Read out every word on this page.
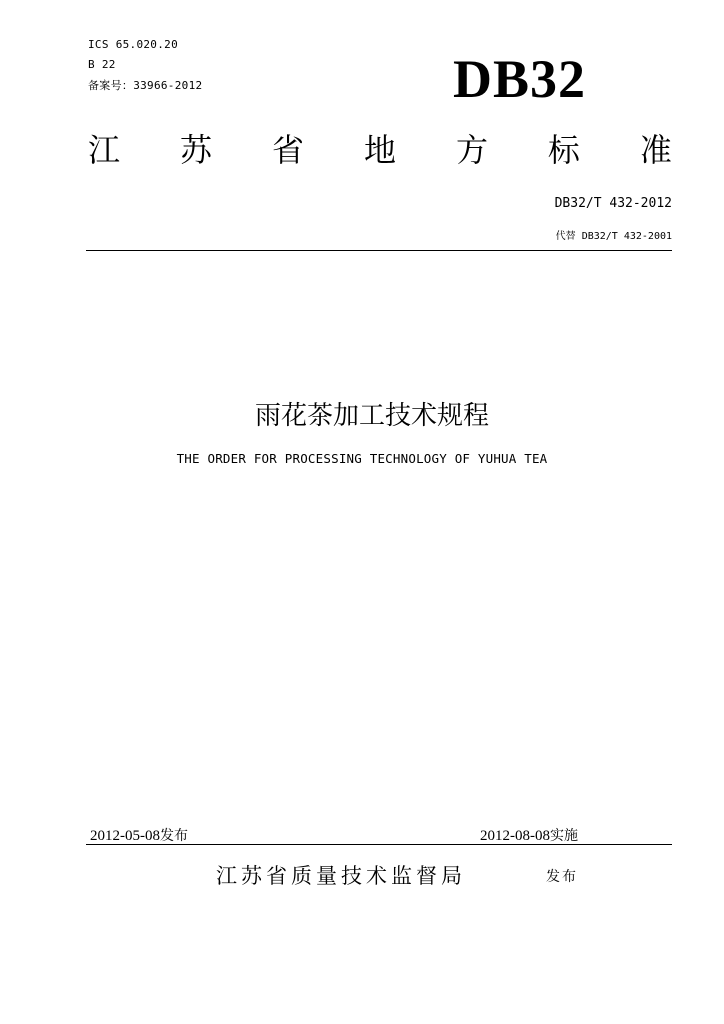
ICS 65.020.20
B 22
备案号：33966-2012	DB32
江 苏 省 地 方 标 准
DB32/T 432-2012
代替 DB32/T 432-2001
雨花茶加工技术规程
THE ORDER FOR PROCESSING TECHNOLOGY OF YUHUA TEA
2012-05-08发布	2012-08-08实施
江苏省质量技术监督局	发布
